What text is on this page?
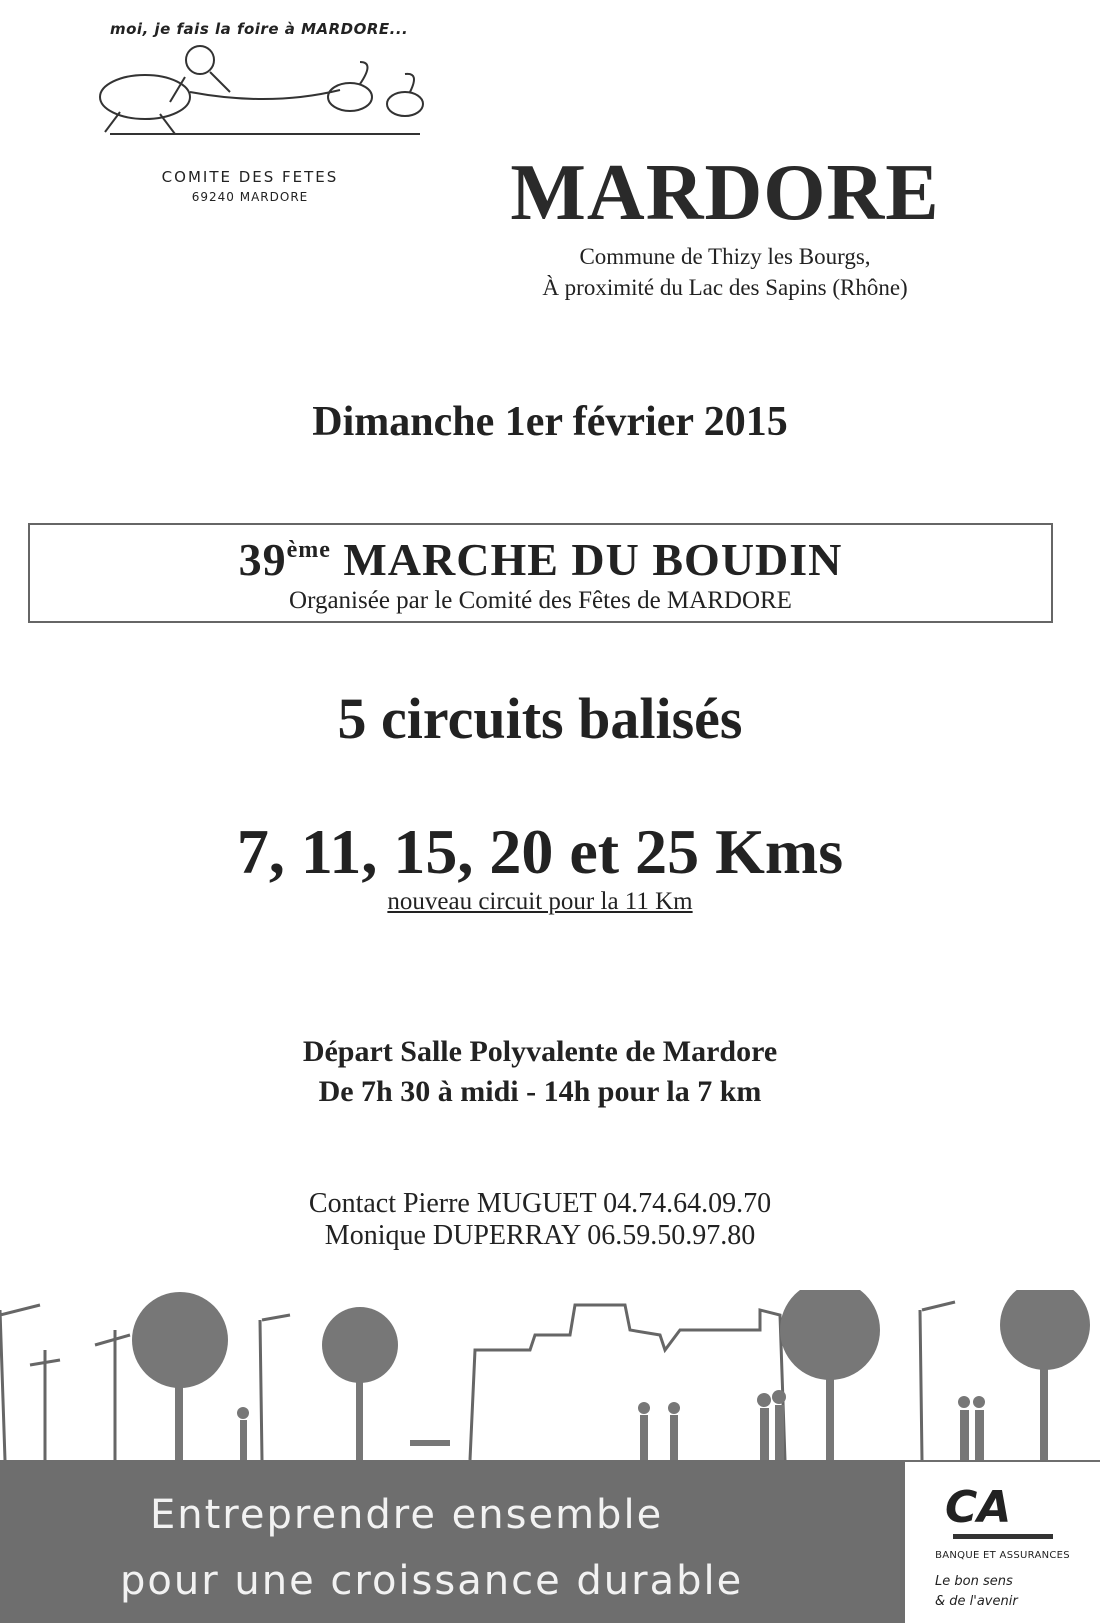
moi, je fais la foire à MARDORE...
COMITE DES FETES
69240 MARDORE	MARDORE
Commune de Thizy les Bourgs,
À proximité du Lac des Sapins (Rhône)
Dimanche 1er février 2015
39ème MARCHE DU BOUDIN
Organisée par le Comité des Fêtes de MARDORE
5 circuits balisés
7, 11, 15, 20 et 25 Kms
nouveau circuit pour la 11 Km
Départ Salle Polyvalente de Mardore
De 7h 30 à midi - 14h pour la 7 km
Contact Pierre MUGUET 04.74.64.09.70
Monique DUPERRAY 06.59.50.97.80
Entreprendre ensemble
pour une croissance durable
CA
BANQUE ET ASSURANCES
Le bon sens
& de l'avenir
